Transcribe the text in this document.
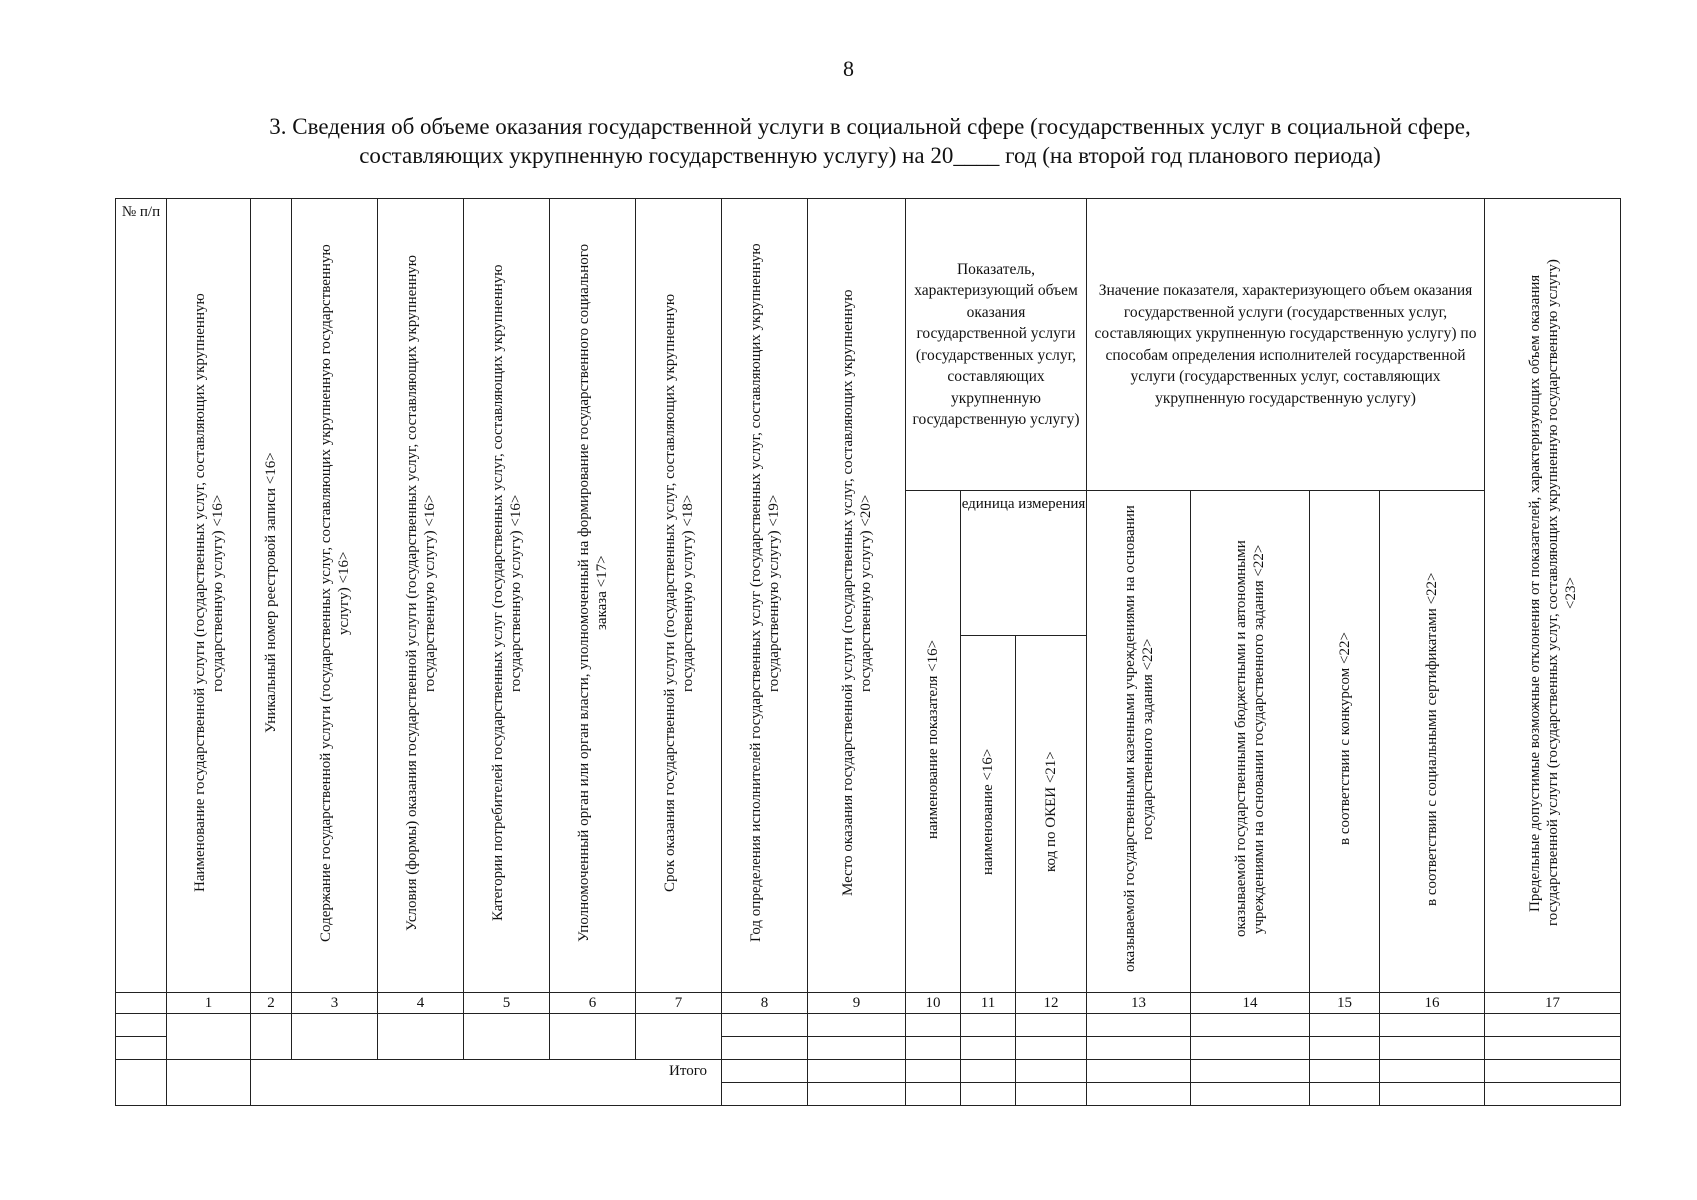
8
3. Сведения об объеме оказания государственной услуги в социальной сфере (государственных услуг в социальной сфере,
составляющих укрупненную государственную услугу) на 20____ год (на второй год планового периода)
№ п/п	Наименование государственной услуги (государственных услуг, составляющих укрупненную государственную услугу) <16>	Уникальный номер реестровой записи <16>	Содержание государственной услуги (государственных услуг, составляющих укрупненную государственную услугу) <16>	Условия (формы) оказания государственной услуги (государственных услуг, составляющих укрупненную государственную услугу) <16>	Категории потребителей государственных услуг (государственных услуг, составляющих укрупненную государственную услугу) <16>	Уполномоченный орган или орган власти, уполномоченный на формирование государственного социального заказа <17>	Срок оказания государственной услуги (государственных услуг, составляющих укрупненную государственную услугу) <18>	Год определения исполнителей государственных услуг (государственных услуг, составляющих укрупненную государственную услугу) <19>	Место оказания государственной услуги (государственных услуг, составляющих укрупненную государственную услугу) <20>	Показатель, характеризующий объем оказания государственной услуги (государственных услуг, составляющих укрупненную государственную услугу)			Значение показателя, характеризующего объем оказания государственной услуги (государственных услуг, составляющих укрупненную государственную услугу) по способам определения исполнителей государственной услуги (государственных услуг, составляющих укрупненную государственную услугу)				Предельные допустимые возможные отклонения от показателей, характеризующих объем оказания государственной услуги (государственных услуг, составляющих укрупненную государственную услугу) <23>
										наименование показателя <16>	единица измерения		оказываемой государственными казенными учреждениями на основании государственного задания <22>	оказываемой государственными бюджетными и автономными учреждениями на основании государственного задания <22>	в соответствии с конкурсом <22>	в соответствии с социальными сертификатами <22>	
											наименование <16>	код по ОКЕИ <21>					
	1	2	3	4	5	6	7	8	9	10	11	12	13	14	15	16	17

		Итого															
